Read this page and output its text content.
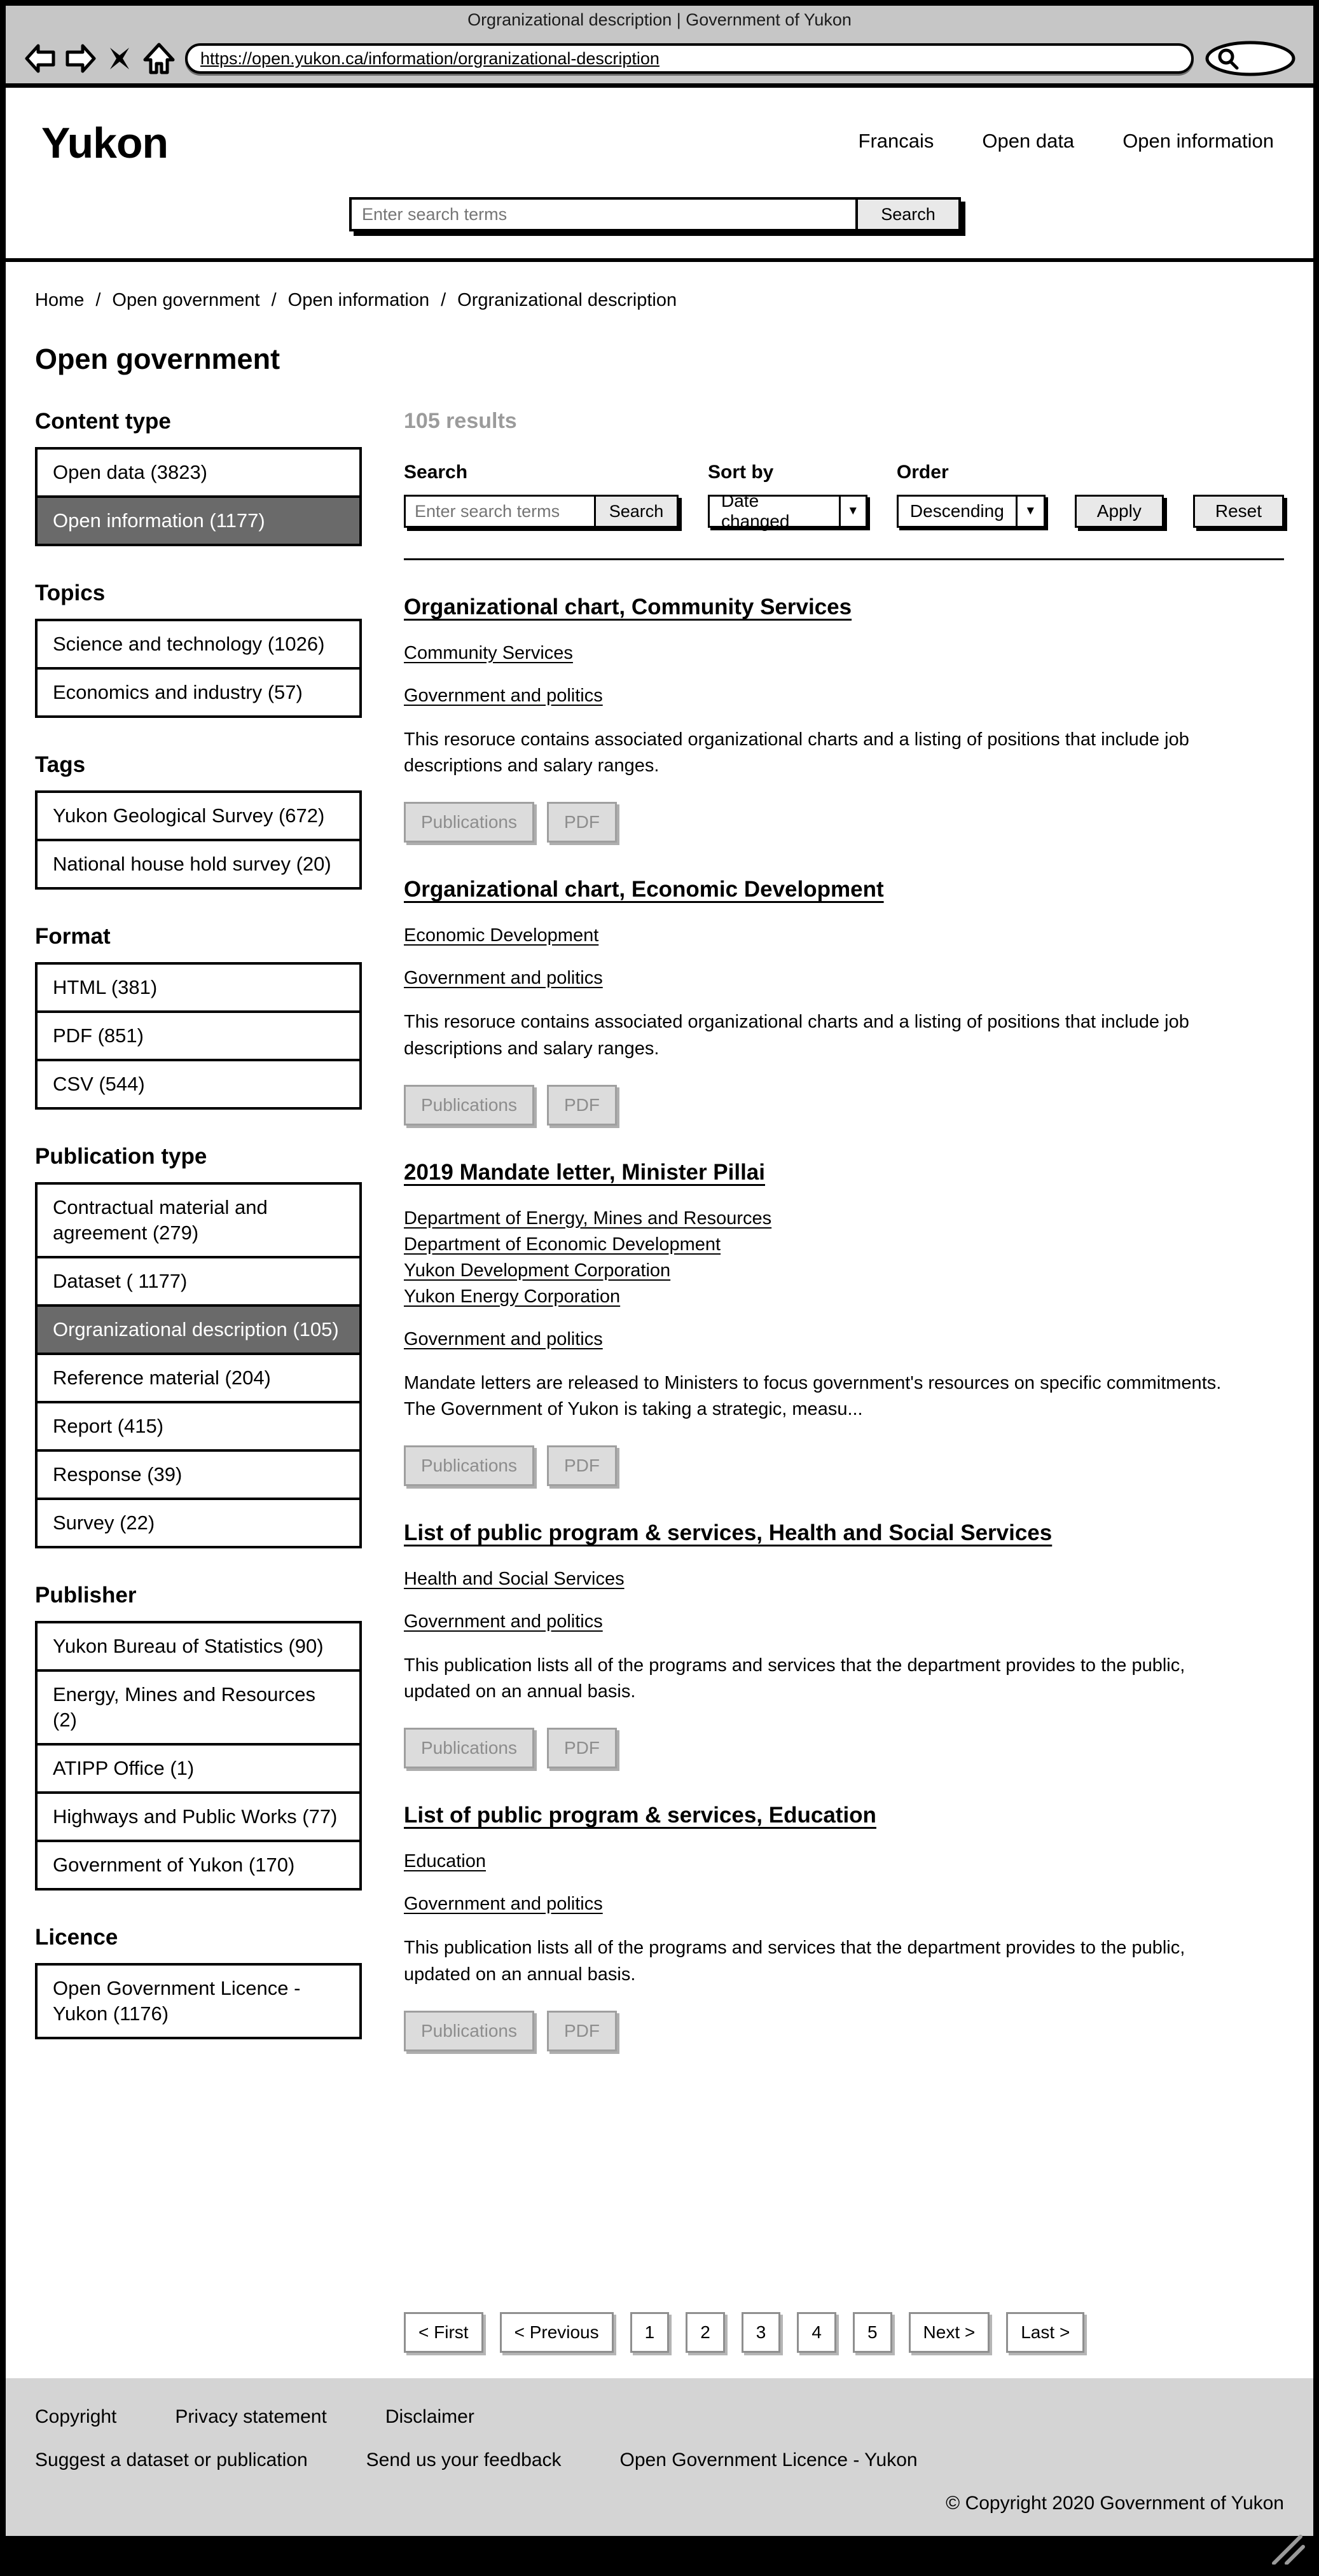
Orgranizational description | Government of Yukon
https://open.yukon.ca/information/orgranizational-description
Yukon	Francais Open data Open information
Enter search terms
Search
Home / Open government / Open information / Orgranizational description
Open government
Content type
Open data (3823)
Open information (1177)
Topics
Science and technology (1026)
Economics and industry (57)
Tags
Yukon Geological Survey (672)
National house hold survey (20)
Format
HTML (381)
PDF (851)
CSV (544)
Publication type
Contractual material and agreement (279)
Dataset ( 1177)
Orgranizational description (105)
Reference material (204)
Report (415)
Response (39)
Survey (22)
Publisher
Yukon Bureau of Statistics (90)
Energy, Mines and Resources (2)
ATIPP Office (1)
Highways and Public Works (77)
Government of Yukon (170)
Licence
Open Government Licence - Yukon (1176)
105 results
Search
Enter search terms
Search
Sort by
Date changed
▼
Order
Descending	▼	Apply	Reset
Organizational chart, Community Services
Community Services
Government and politics
This resoruce contains associated organizational charts and a listing of positions that include job descriptions and salary ranges.
Publications	PDF
Organizational chart, Economic Development
Economic Development
Government and politics
This resoruce contains associated organizational charts and a listing of positions that include job descriptions and salary ranges.
Publications	PDF
2019 Mandate letter, Minister Pillai
Department of Energy, Mines and Resources
Department of Economic Development
Yukon Development Corporation
Yukon Energy Corporation
Government and politics
Mandate letters are released to Ministers to focus government's resources on specific commitments. The Government of Yukon is taking a strategic, measu...
Publications	PDF
List of public program & services, Health and Social Services
Health and Social Services
Government and politics
This publication lists all of the programs and services that the department provides to the public, updated on an annual basis.
Publications	PDF
List of public program & services, Education
Education
Government and politics
This publication lists all of the programs and services that the department provides to the public, updated on an annual basis.
Publications	PDF
< First	< Previous	1	2	3	4	5	Next >	Last >
Copyright	Privacy statement	Disclaimer
Suggest a dataset or publication	Send us your feedback	Open Government Licence - Yukon
© Copyright 2020 Government of Yukon
